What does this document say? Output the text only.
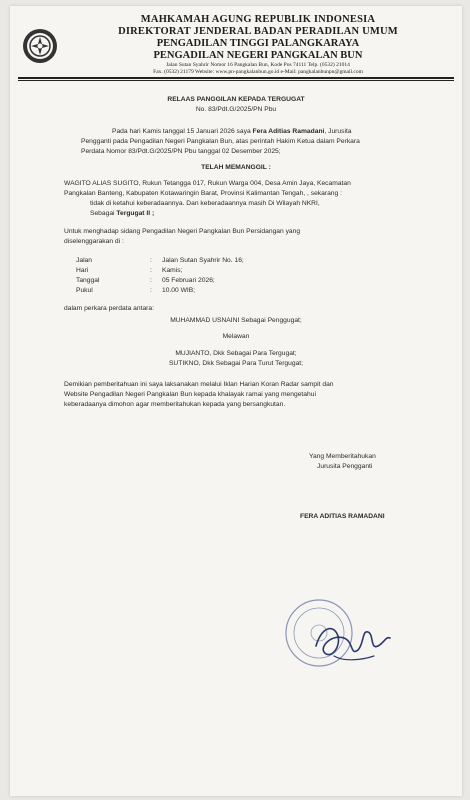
MAHKAMAH AGUNG REPUBLIK INDONESIA
DIREKTORAT JENDERAL BADAN PERADILAN UMUM
PENGADILAN TINGGI PALANGKARAYA
PENGADILAN NEGERI PANGKALAN BUN
Jalan Sutan Syahrir Nomor 16 Pangkalan Bun, Kode Pos 74111 Telp. (0532) 21014
Fax. (0532) 21179 Website: www.pn-pangkalanbun.go.id e-Mail: pangkalanbunpn@gmail.com
RELAAS PANGGILAN KEPADA TERGUGAT
No. 83/Pdt.G/2025/PN Pbu
Pada hari Kamis tanggal 15 Januari 2026 saya Fera Aditias Ramadani, Jurusita
Pengganti pada Pengadilan Negeri Pangkalan Bun, atas perintah Hakim Ketua dalam Perkara
Perdata Nomor 83/Pdt.G/2025/PN Pbu tanggal 02 Desember 2025;
TELAH MEMANGGIL :
WAGITO ALIAS SUGITO, Rukun Tetangga 017, Rukun Warga 004, Desa Amin Jaya, Kecamatan
Pangkalan Banteng, Kabupaten Kotawaringin Barat, Provinsi Kalimantan Tengah, , sekarang :
tidak di ketahui keberadaannya. Dan keberadaannya masih Di Wilayah NKRI,
Sebagai Tergugat II ;
Untuk menghadap sidang Pengadilan Negeri Pangkalan Bun Persidangan yang
diselenggarakan di :
Jalan	: Jalan Sutan Syahrir No. 16;
Hari	: Kamis;
Tanggal	: 05 Februari 2026;
Pukul	: 10.00 WIB;
dalam perkara perdata antara:
MUHAMMAD USNAINI Sebagai Penggugat;
Melawan
MUJIANTO, Dkk Sebagai Para Tergugat;
SUTIKNO, Dkk Sebagai Para Turut Tergugat;
Demikian pemberitahuan ini saya laksanakan melalui Iklan Harian Koran Radar sampit dan
Website Pengadilan Negeri Pangkalan Bun kepada khalayak ramai yang mengetahui
keberadaanya dimohon agar memberitahukan kepada yang bersangkutan.
Yang Memberitahukan
Jurusita Pengganti
FERA ADITIAS RAMADANI
